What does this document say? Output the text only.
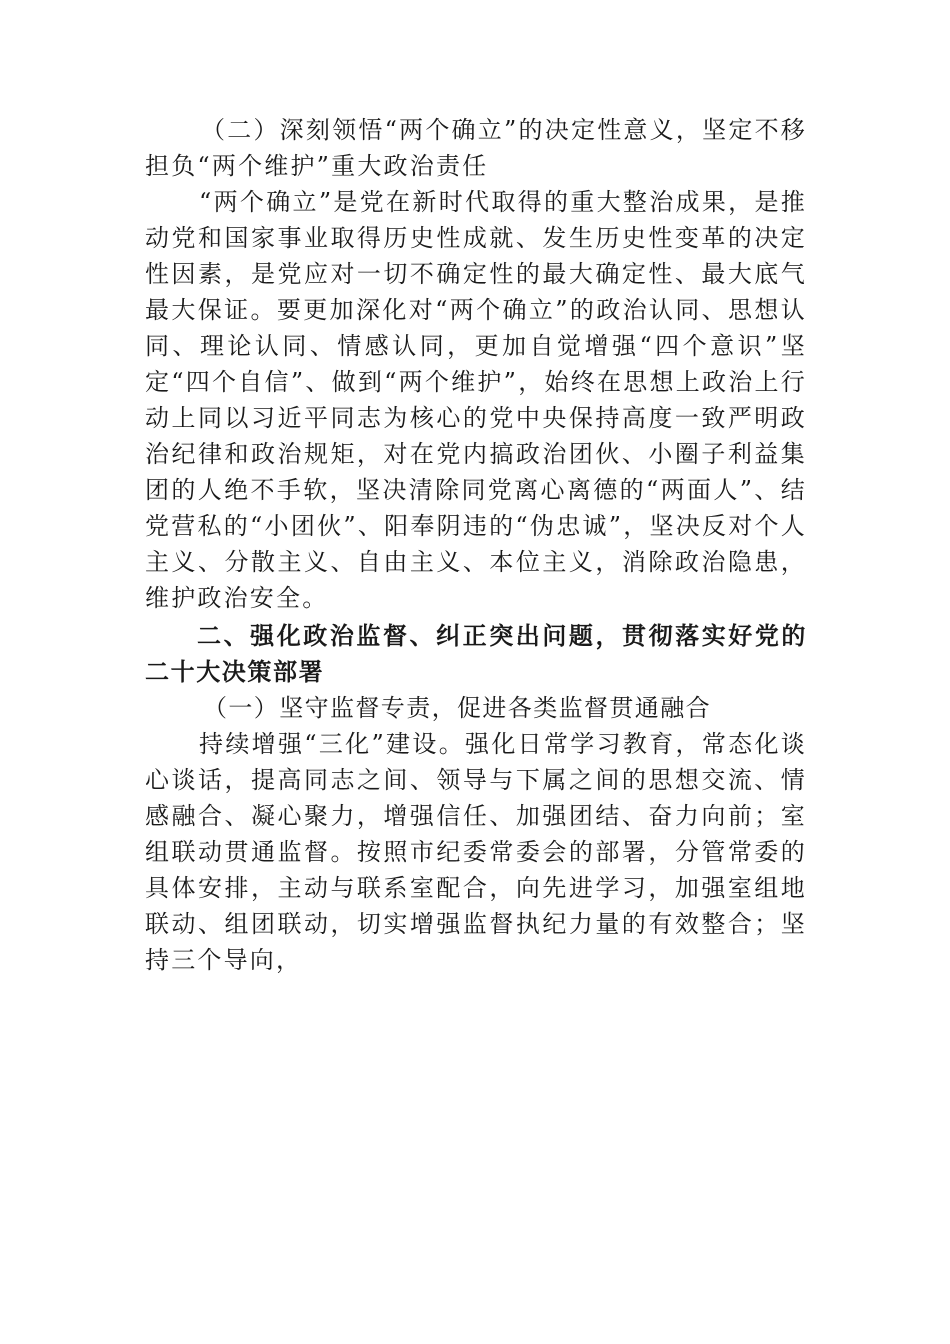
（二）深刻领悟“两个确立”的决定性意义，坚定不移担负“两个维护”重大政治责任

“两个确立”是党在新时代取得的重大整治成果，是推动党和国家事业取得历史性成就、发生历史性变革的决定性因素，是党应对一切不确定性的最大确定性、最大底气最大保证。要更加深化对“两个确立”的政治认同、思想认同、理论认同、情感认同，更加自觉增强“四个意识”坚定“四个自信”、做到“两个维护”，始终在思想上政治上行动上同以习近平同志为核心的党中央保持高度一致严明政治纪律和政治规矩，对在党内搞政治团伙、小圈子利益集团的人绝不手软，坚决清除同党离心离德的“两面人”、结党营私的“小团伙”、阳奉阴违的“伪忠诚”，坚决反对个人主义、分散主义、自由主义、本位主义，消除政治隐患，维护政治安全。

二、强化政治监督、纠正突出问题，贯彻落实好党的二十大决策部署

（一）坚守监督专责，促进各类监督贯通融合

持续增强“三化”建设。强化日常学习教育，常态化谈心谈话，提高同志之间、领导与下属之间的思想交流、情感融合、凝心聚力，增强信任、加强团结、奋力向前；室组联动贯通监督。按照市纪委常委会的部署，分管常委的具体安排，主动与联系室配合，向先进学习，加强室组地联动、组团联动，切实增强监督执纪力量的有效整合；坚持三个导向，
